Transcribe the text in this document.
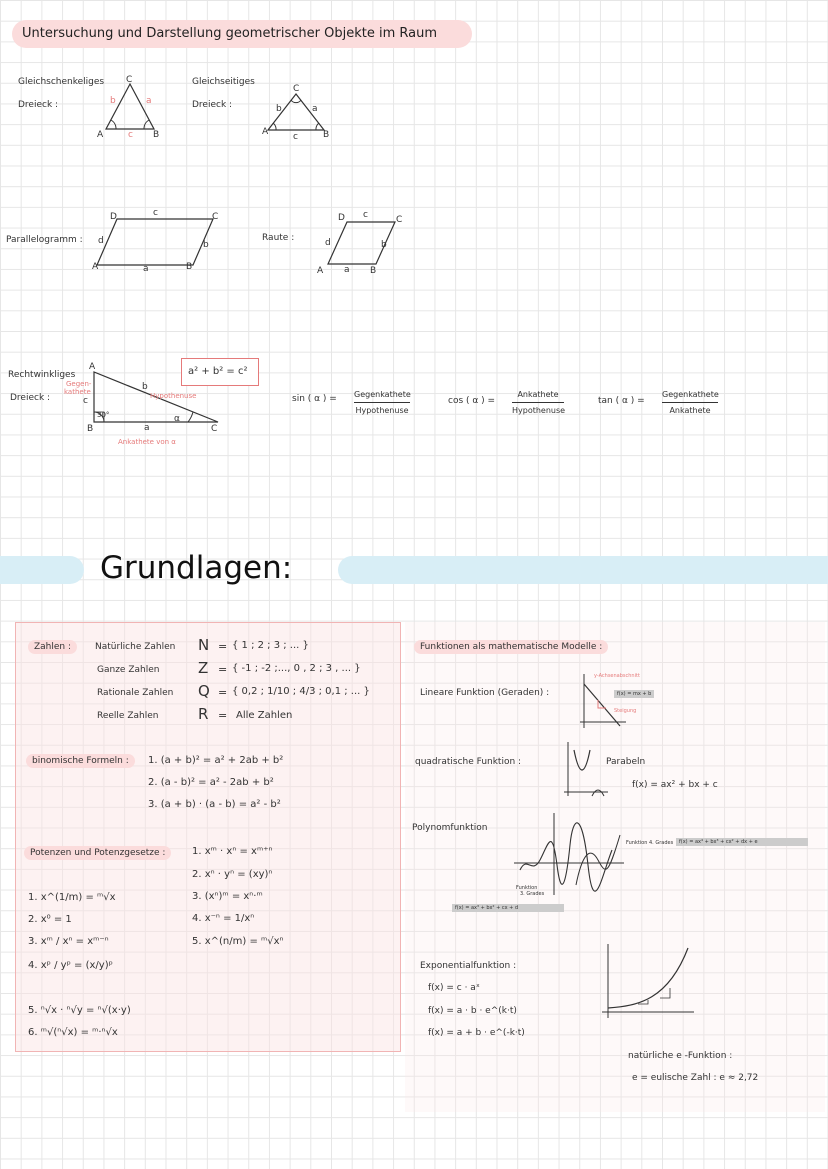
Untersuchung und Darstellung geometrischer Objekte im Raum
Gleichschenkeliges
Dreieck :
A	B
C
a
b
c
Gleichseitiges
Dreieck :
A	B
C
a
b
c
Parallelogramm :
A	B
C
D
a
b
c
d	Raute :
A	B
C
D
a
b
c
d
Rechtwinkliges
Dreieck :
A
B	C
b
a
c
Gegen-
kathete	Hypothenuse
30°	α
Ankathete von α
a² + b² = c²
sin ( α ) = Gegenkathete
Hypothenuse
cos ( α ) =
Ankathete
Hypothenuse
tan ( α ) =
Gegenkathete
Ankathete
Grundlagen:
Zahlen :	Natürliche Zahlen N = { 1 ; 2 ; 3 ; ... }
Ganze Zahlen	Z = { -1 ; -2 ;..., 0 , 2 ; 3 , ... }
Rationale Zahlen Q = { 0,2 ; 1/10 ; 4/3 ; 0,1 ; ... }
Reelle Zahlen	R = Alle Zahlen
binomische Formeln :	1. (a + b)² = a² + 2ab + b²
2. (a - b)² = a² - 2ab + b²
3. (a + b) · (a - b) = a² - b²
Potenzen und Potenzgesetze :	1. xᵐ · xⁿ = xᵐ⁺ⁿ
2. xⁿ · yⁿ = (xy)ⁿ
3. (xⁿ)ᵐ = xⁿ·ᵐ
4. x⁻ⁿ = 1/xⁿ
5. x^(n/m) = ᵐ√xⁿ
1. x^(1/m) = ᵐ√x
2. x⁰ = 1
3. xᵐ / xⁿ = xᵐ⁻ⁿ
4. xᵖ / yᵖ = (x/y)ᵖ
5. ⁿ√x · ⁿ√y = ⁿ√(x·y)
6. ᵐ√(ⁿ√x) = ᵐ·ⁿ√x
Funktionen als mathematische Modelle :
Lineare Funktion (Geraden) :
y-Achsenabschnitt
f(x) = mx + b
Steigung
quadratische Funktion :	Parabeln
f(x) = ax² + bx + c
Polynomfunktion
Funktion 4. Grades	f(x) = ax⁴ + bx³ + cx² + dx + e
Funktion
3. Grades
f(x) = ax³ + bx² + cx + d
Exponentialfunktion :
f(x) = c · aˣ
f(x) = a · b · e^(k·t)
f(x) = a + b · e^(-k·t)
natürliche e -Funktion :
e = eulische Zahl : e ≈ 2,72
